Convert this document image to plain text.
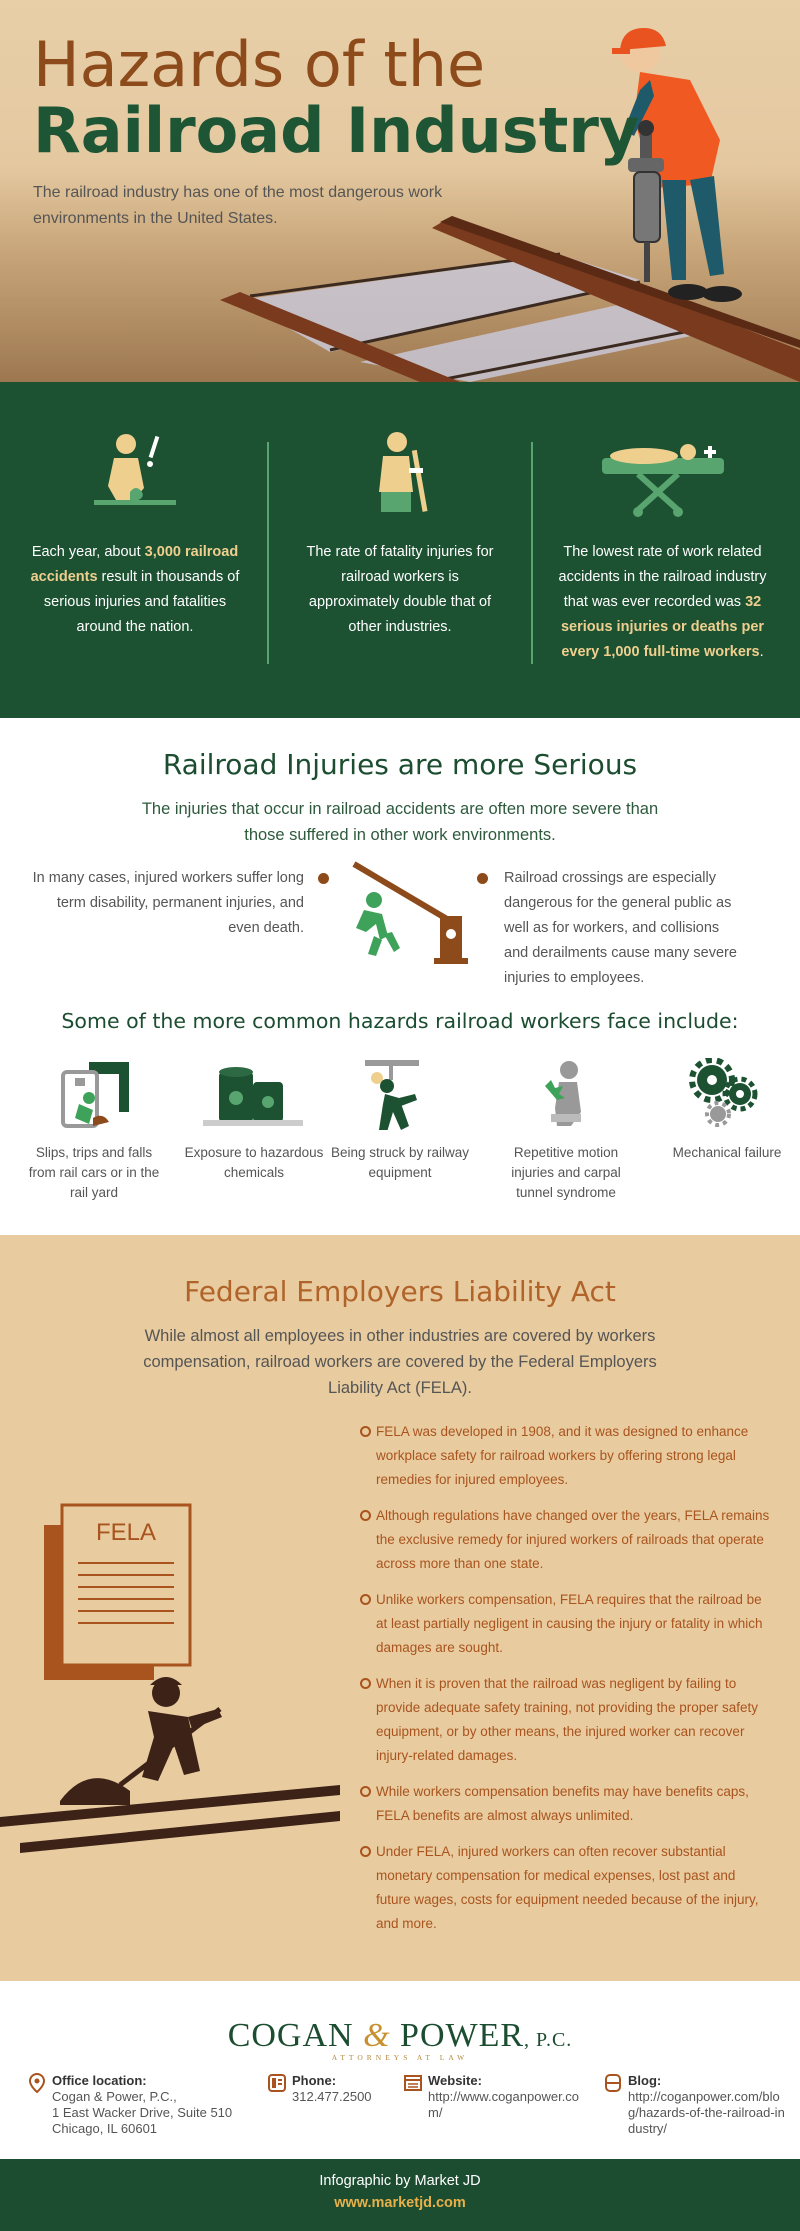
Hazards of the
Railroad Industry

The railroad industry has one of the most dangerous work environments in the United States.

Each year, about 3,000 railroad accidents result in thousands of serious injuries and fatalities around the nation.
The rate of fatality injuries for railroad workers is approximately double that of other industries.
The lowest rate of work related accidents in the railroad industry that was ever recorded was 32 serious injuries or deaths per every 1,000 full-time workers.
Railroad Injuries are more Serious
The injuries that occur in railroad accidents are often more severe than those suffered in other work environments.
In many cases, injured workers suffer long term disability, permanent injuries, and even death.
Railroad crossings are especially dangerous for the general public as well as for workers, and collisions and derailments cause many severe injuries to employees.
Some of the more common hazards railroad workers face include:
Slips, trips and falls from rail cars or in the rail yard
Exposure to hazardous chemicals
Being struck by railway equipment
Repetitive motion injuries and carpal tunnel syndrome
Mechanical failure
Federal Employers Liability Act
While almost all employees in other industries are covered by workers compensation, railroad workers are covered by the Federal Employers Liability Act (FELA).
FELA
FELA was developed in 1908, and it was designed to enhance workplace safety for railroad workers by offering strong legal remedies for injured employees.
Although regulations have changed over the years, FELA remains the exclusive remedy for injured workers of railroads that operate across more than one state.
Unlike workers compensation, FELA requires that the railroad be at least partially negligent in causing the injury or fatality in which damages are sought.
When it is proven that the railroad was negligent by failing to provide adequate safety training, not providing the proper safety equipment, or by other means, the injured worker can recover injury-related damages.
While workers compensation benefits may have benefits caps, FELA benefits are almost always unlimited.
Under FELA, injured workers can often recover substantial monetary compensation for medical expenses, lost past and future wages, costs for equipment needed because of the injury, and more.
COGAN & POWER, P.C.
ATTORNEYS AT LAW
Office location:
Cogan & Power, P.C.,
1 East Wacker Drive, Suite 510
Chicago, IL 60601
Phone:
312.477.2500
Website:
http://www.coganpower.com/
Blog:
http://coganpower.com/blog/hazards-of-the-railroad-industry/
Infographic by Market JD
www.marketjd.com
